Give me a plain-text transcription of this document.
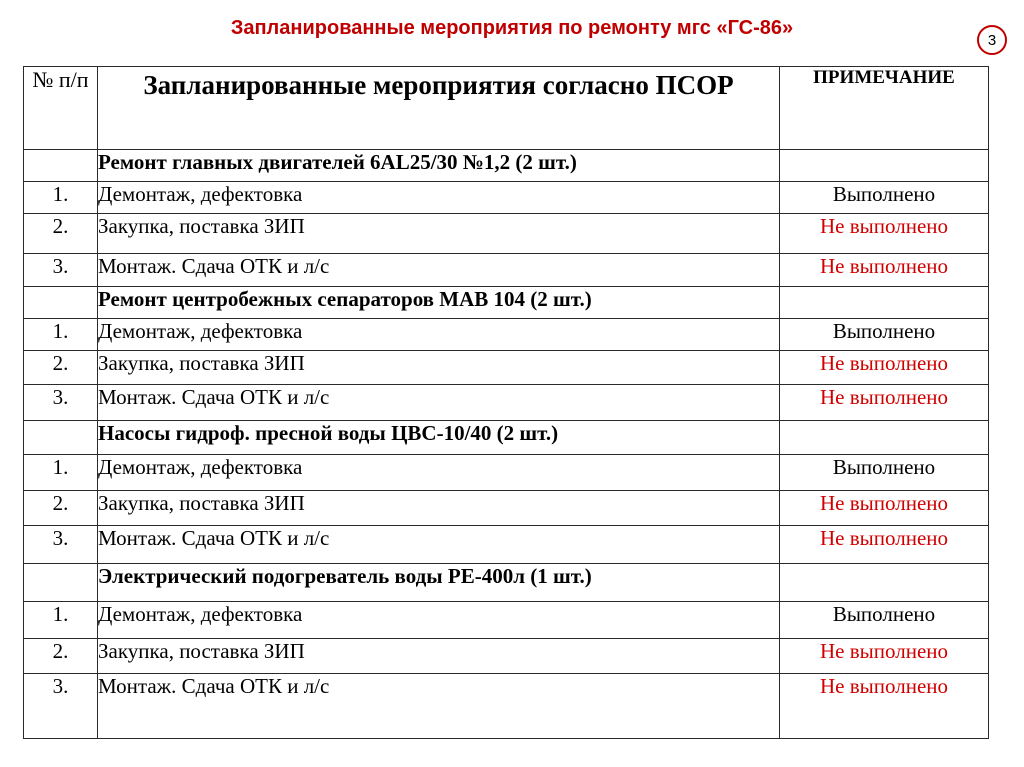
Запланированные мероприятия по ремонту мгс «ГС-86»
3
№ п/п	Запланированные мероприятия согласно ПСОР	ПРИМЕЧАНИЕ
	Ремонт главных двигателей 6AL25/30 №1,2 (2 шт.)	
1.	Демонтаж, дефектовка	Выполнено
2.	Закупка, поставка ЗИП	Не выполнено
3.	Монтаж. Сдача ОТК и л/с	Не выполнено
	Ремонт центробежных сепараторов МАВ 104 (2 шт.)	
1.	Демонтаж, дефектовка	Выполнено
2.	Закупка, поставка ЗИП	Не выполнено
3.	Монтаж. Сдача ОТК и л/с	Не выполнено
	Насосы гидроф. пресной воды ЦВС-10/40 (2 шт.)	
1.	Демонтаж, дефектовка	Выполнено
2.	Закупка, поставка ЗИП	Не выполнено
3.	Монтаж. Сдача ОТК и л/с	Не выполнено
	Электрический подогреватель воды РЕ-400л (1 шт.)	
1.	Демонтаж, дефектовка	Выполнено
2.	Закупка, поставка ЗИП	Не выполнено
3.	Монтаж. Сдача ОТК и л/с	Не выполнено
